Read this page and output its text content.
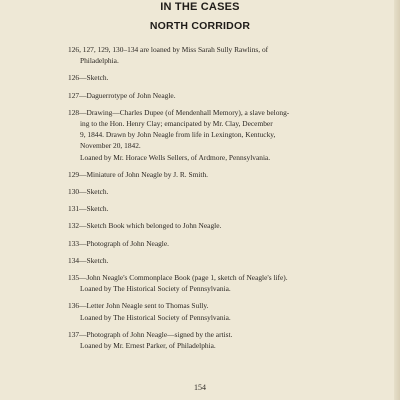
IN THE CASES
NORTH CORRIDOR
126, 127, 129, 130–134 are loaned by Miss Sarah Sully Rawlins, of
Philadelphia.
126—Sketch.
127—Daguerrotype of John Neagle.
128—Drawing—Charles Dupee (of Mendenhall Memory), a slave belong-
ing to the Hon. Henry Clay; emancipated by Mr. Clay, December
9, 1844. Drawn by John Neagle from life in Lexington, Kentucky,
November 20, 1842.
Loaned by Mr. Horace Wells Sellers, of Ardmore, Pennsylvania.
129—Miniature of John Neagle by J. R. Smith.
130—Sketch.
131—Sketch.
132—Sketch Book which belonged to John Neagle.
133—Photograph of John Neagle.
134—Sketch.
135—John Neagle's Commonplace Book (page 1, sketch of Neagle's life).
Loaned by The Historical Society of Pennsylvania.
136—Letter John Neagle sent to Thomas Sully.
Loaned by The Historical Society of Pennsylvania.
137—Photograph of John Neagle—signed by the artist.
Loaned by Mr. Ernest Parker, of Philadelphia.
154
